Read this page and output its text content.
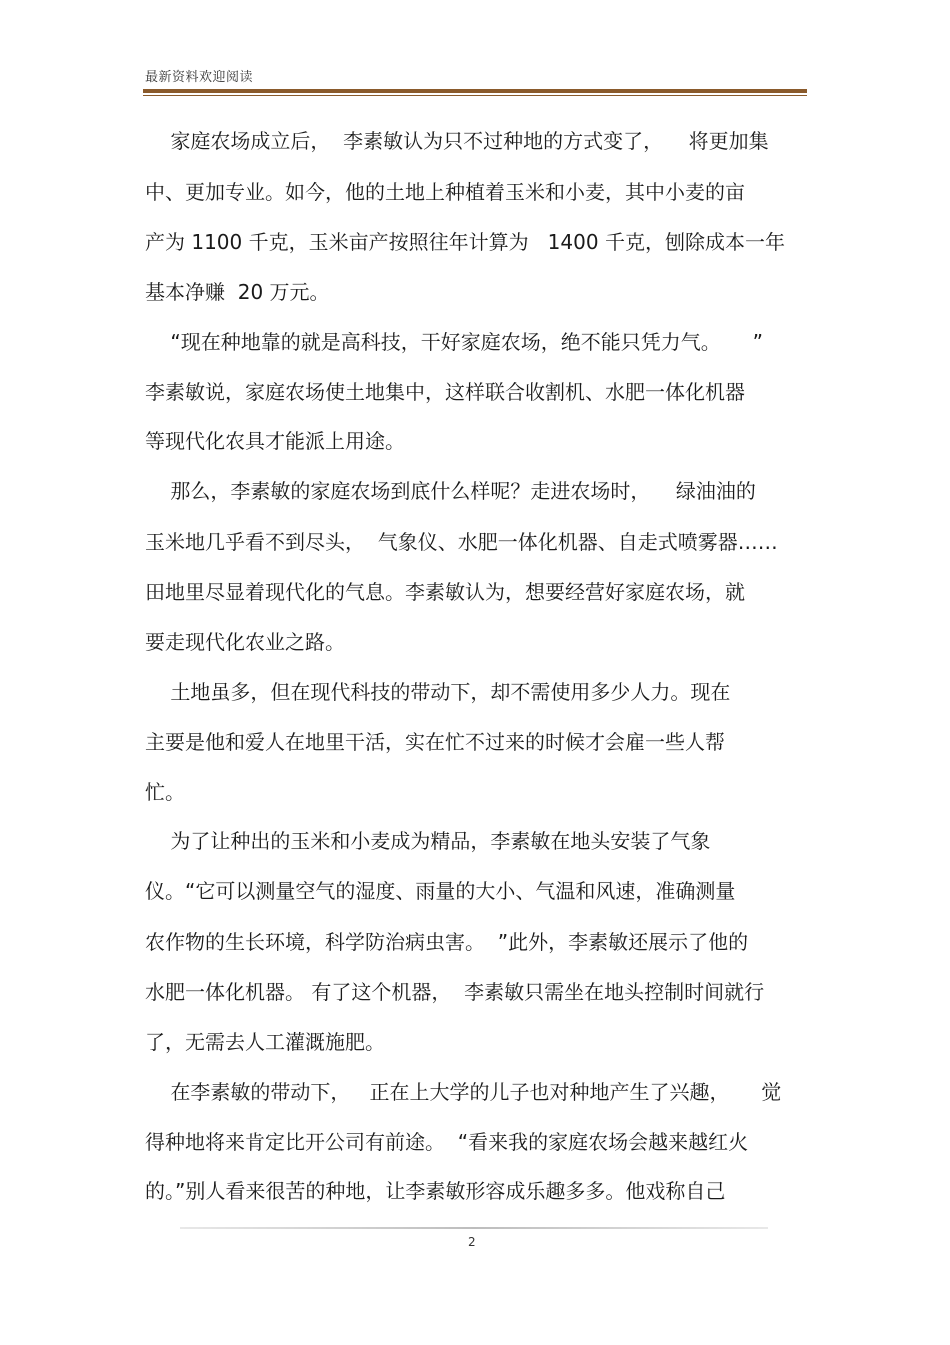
最新资料欢迎阅读
家庭农场成立后，  李素敏认为只不过种地的方式变了，    将更加集
中、更加专业。如今，他的土地上种植着玉米和小麦，其中小麦的亩
产为 1100 千克，玉米亩产按照往年计算为   1400 千克，刨除成本一年
基本净赚  20 万元。
“现在种地靠的就是高科技，干好家庭农场，绝不能只凭力气。     ”
李素敏说，家庭农场使土地集中，这样联合收割机、水肥一体化机器
等现代化农具才能派上用途。
那么，李素敏的家庭农场到底什么样呢？走进农场时，    绿油油的
玉米地几乎看不到尽头，  气象仪、水肥一体化机器、自走式喷雾器……
田地里尽显着现代化的气息。李素敏认为，想要经营好家庭农场，就
要走现代化农业之路。
土地虽多，但在现代科技的带动下，却不需使用多少人力。现在
主要是他和爱人在地里干活，实在忙不过来的时候才会雇一些人帮
忙。
为了让种出的玉米和小麦成为精品，李素敏在地头安装了气象
仪。“它可以测量空气的湿度、雨量的大小、气温和风速，准确测量
农作物的生长环境，科学防治病虫害。  ”此外，李素敏还展示了他的
水肥一体化机器。 有了这个机器，  李素敏只需坐在地头控制时间就行
了，无需去人工灌溉施肥。
在李素敏的带动下，   正在上大学的儿子也对种地产生了兴趣，     觉
得种地将来肯定比开公司有前途。  “看来我的家庭农场会越来越红火
的。”别人看来很苦的种地，让李素敏形容成乐趣多多。他戏称自己
2
